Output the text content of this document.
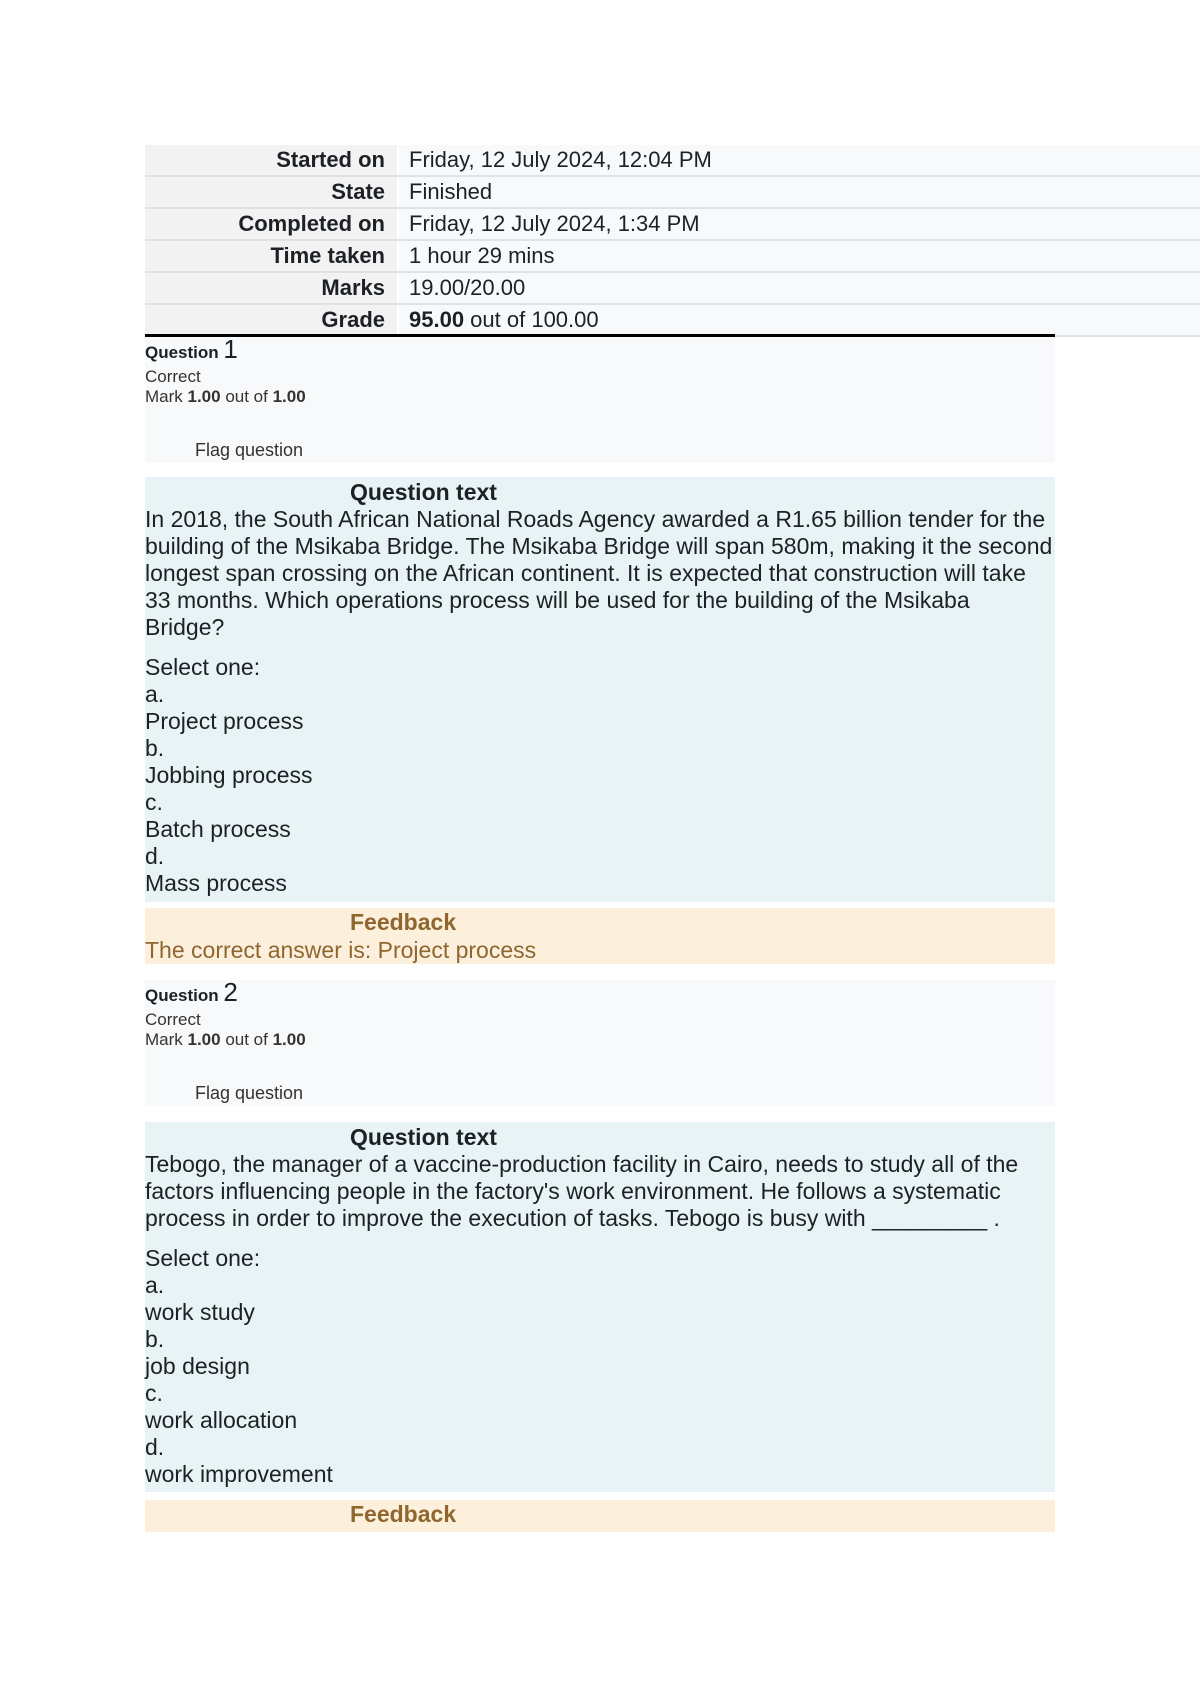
Started on	Friday, 12 July 2024, 12:04 PM
State	Finished
Completed on	Friday, 12 July 2024, 1:34 PM
Time taken	1 hour 29 mins
Marks	19.00/20.00
Grade	95.00 out of 100.00
Question 1
Correct
Mark 1.00 out of 1.00
Flag question
Question text

In 2018, the South African National Roads Agency awarded a R1.65 billion tender for the building of the Msikaba Bridge. The Msikaba Bridge will span 580m, making it the second longest span crossing on the African continent. It is expected that construction will take 33 months. Which operations process will be used for the building of the Msikaba Bridge?

Select one:
a.
Project process
b.
Jobbing process
c.
Batch process
d.
Mass process
Feedback
The correct answer is: Project process
Question 2
Correct
Mark 1.00 out of 1.00
Flag question
Question text

Tebogo, the manager of a vaccine-production facility in Cairo, needs to study all of the factors influencing people in the factory's work environment. He follows a systematic process in order to improve the execution of tasks. Tebogo is busy with _________ .

Select one:
a.
work study
b.
job design
c.
work allocation
d.
work improvement
Feedback
